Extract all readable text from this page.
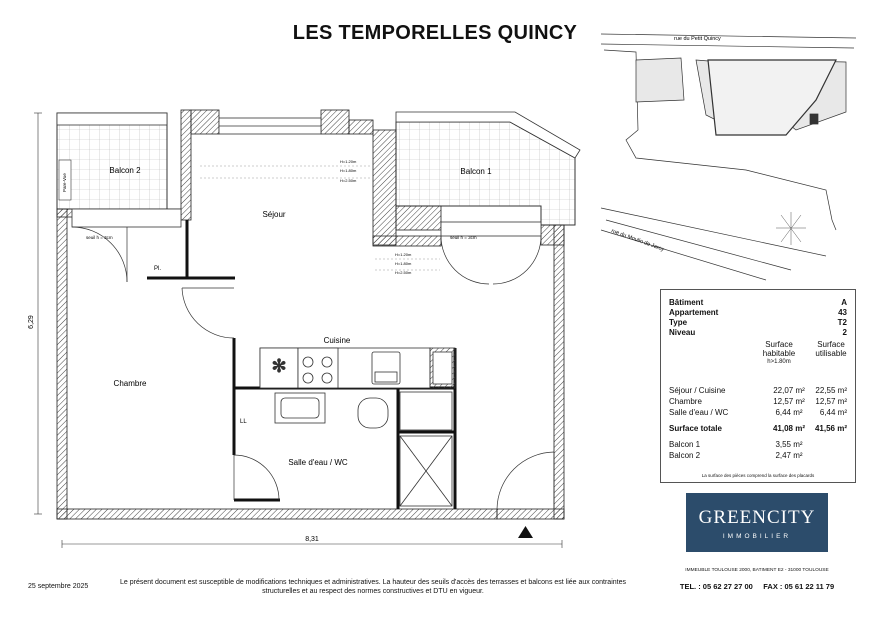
LES TEMPORELLES QUINCY
✻
Pare-Vue
seuil h = 3cm	seuil h = 3cm
H=1.20m
H=1.80m
H=2.50m
H=1.20m
H=1.80m
H=2.50m
Séjour
Cuisine
Chambre
Salle d'eau / WC
Balcon 2	Balcon 1
Pl.
LL
8,31
6,29
rue du Petit Quincy
rue du Moulin de Jarcy
Bâtiment	A
Appartement	43
Type	T2
Niveau	2
Surface habitable
h>1.80m
Surface utilisable
Séjour / Cuisine	22,07 m²	22,55 m²
Chambre	12,57 m²	12,57 m²
Salle d'eau / WC	6,44 m²	6,44 m²
Surface totale	41,08 m²	41,56 m²
Balcon 1	3,55 m²
Balcon 2	2,47 m²
La surface des pièces comprend la surface des placards
GREENCITY
IMMOBILIER
IMMEUBLE TOULOUSE 2000, BATIMENT E2 - 31000 TOULOUSE
TEL. : 05 62 27 27 00 FAX : 05 61 22 11 79
25 septembre 2025
Le présent document est susceptible de modifications techniques et administratives. La hauteur des seuils d'accès des terrasses et balcons est liée aux contraintes structurelles et au respect des normes constructives et DTU en vigueur.
